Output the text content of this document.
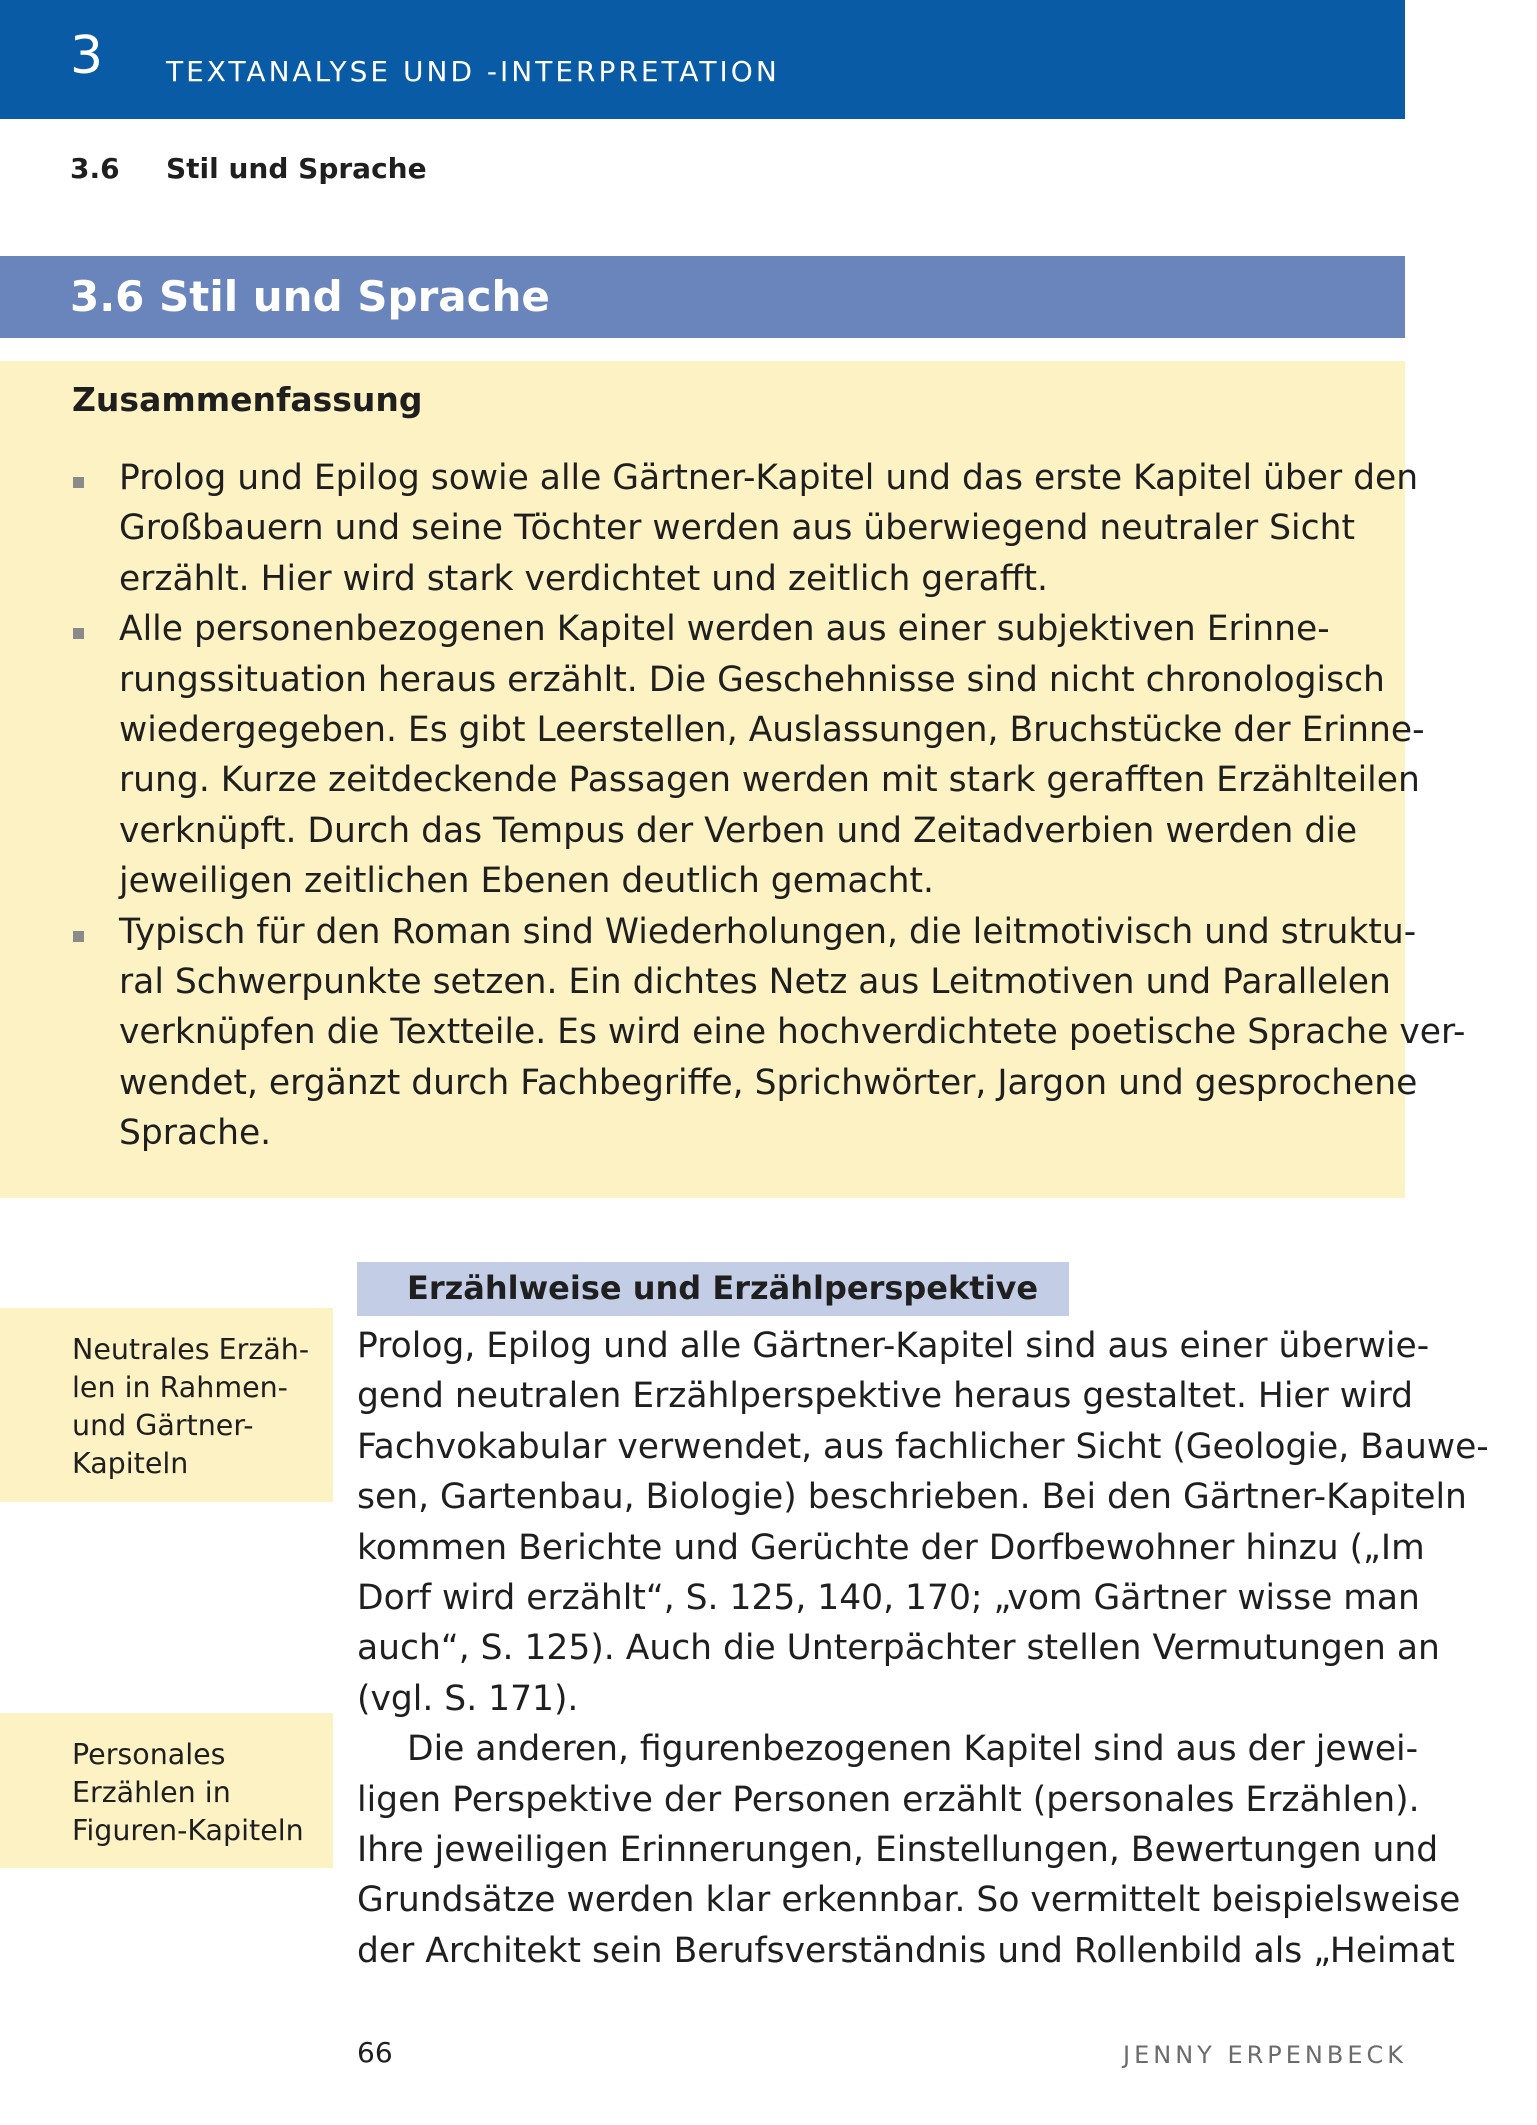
3 TEXTANALYSE UND -INTERPRETATION
3.6 Stil und Sprache
3.6 Stil und Sprache
Zusammenfassung
Prolog und Epilog sowie alle Gärtner-Kapitel und das erste Kapitel über den
Großbauern und seine Töchter werden aus überwiegend neutraler Sicht
erzählt. Hier wird stark verdichtet und zeitlich gerafft.
Alle personenbezogenen Kapitel werden aus einer subjektiven Erinne-
rungssituation heraus erzählt. Die Geschehnisse sind nicht chronologisch
wiedergegeben. Es gibt Leerstellen, Auslassungen, Bruchstücke der Erinne-
rung. Kurze zeitdeckende Passagen werden mit stark gerafften Erzählteilen
verknüpft. Durch das Tempus der Verben und Zeitadverbien werden die
jeweiligen zeitlichen Ebenen deutlich gemacht.
Typisch für den Roman sind Wiederholungen, die leitmotivisch und struktu-
ral Schwerpunkte setzen. Ein dichtes Netz aus Leitmotiven und Parallelen
verknüpfen die Textteile. Es wird eine hochverdichtete poetische Sprache ver-
wendet, ergänzt durch Fachbegriffe, Sprichwörter, Jargon und gesprochene
Sprache.
Erzählweise und Erzählperspektive
Neutrales Erzäh-
len in Rahmen-
und Gärtner-
Kapiteln
Personales
Erzählen in
Figuren-Kapiteln
Prolog, Epilog und alle Gärtner-Kapitel sind aus einer überwie-
gend neutralen Erzählperspektive heraus gestaltet. Hier wird
Fachvokabular verwendet, aus fachlicher Sicht (Geologie, Bauwe-
sen, Gartenbau, Biologie) beschrieben. Bei den Gärtner-Kapiteln
kommen Berichte und Gerüchte der Dorfbewohner hinzu („Im
Dorf wird erzählt“, S. 125, 140, 170; „vom Gärtner wisse man
auch“, S. 125). Auch die Unterpächter stellen Vermutungen an
(vgl. S. 171).
Die anderen, figurenbezogenen Kapitel sind aus der jewei-
ligen Perspektive der Personen erzählt (personales Erzählen).
Ihre jeweiligen Erinnerungen, Einstellungen, Bewertungen und
Grundsätze werden klar erkennbar. So vermittelt beispielsweise
der Architekt sein Berufsverständnis und Rollenbild als „Heimat
66	JENNY ERPENBECK
